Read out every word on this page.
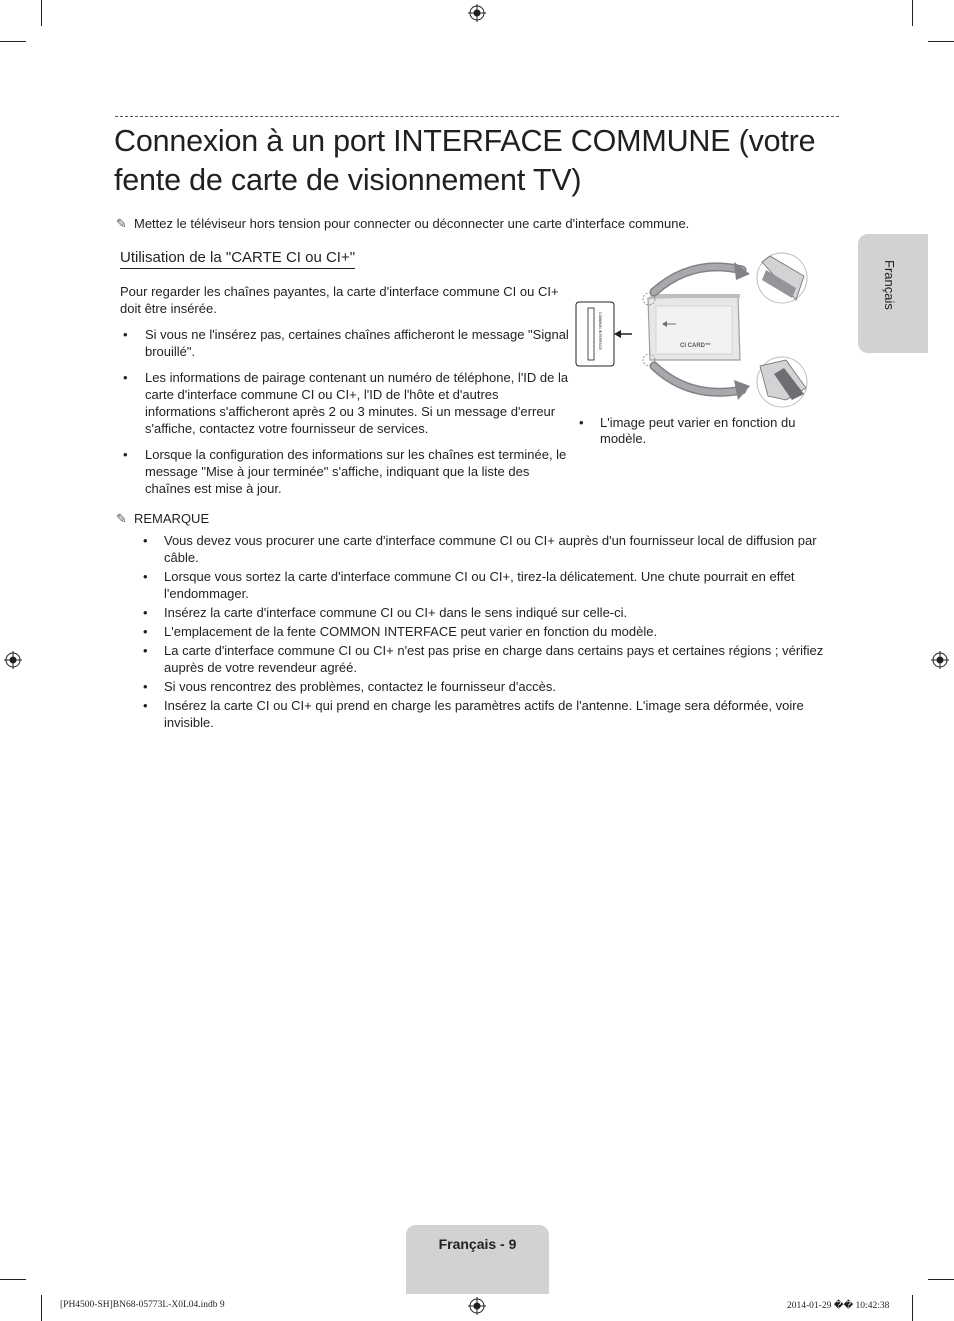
Connexion à un port INTERFACE COMMUNE (votre fente de carte de visionnement TV)
✎ Mettez le téléviseur hors tension pour connecter ou déconnecter une carte d'interface commune.
Utilisation de la "CARTE CI ou CI+"

Pour regarder les chaînes payantes, la carte d'interface commune CI ou CI+ doit être insérée.

• Si vous ne l'insérez pas, certaines chaînes afficheront le message "Signal brouillé".
• Les informations de pairage contenant un numéro de téléphone, l'ID de la carte d'interface commune CI ou CI+, l'ID de l'hôte et d'autres informations s'afficheront après 2 ou 3 minutes. Si un message d'erreur s'affiche, contactez votre fournisseur de services.
• Lorsque la configuration des informations sur les chaînes est terminée, le message "Mise à jour terminée" s'affiche, indiquant que la liste des chaînes est mise à jour.
COMMON INTERFACE	CI CARD™
• L'image peut varier en fonction du modèle.
✎ REMARQUE
• Vous devez vous procurer une carte d'interface commune CI ou CI+ auprès d'un fournisseur local de diffusion par câble.
• Lorsque vous sortez la carte d'interface commune CI ou CI+, tirez-la délicatement. Une chute pourrait en effet l'endommager.
• Insérez la carte d'interface commune CI ou CI+ dans le sens indiqué sur celle-ci.
• L'emplacement de la fente COMMON INTERFACE peut varier en fonction du modèle.
• La carte d'interface commune CI ou CI+ n'est pas prise en charge dans certains pays et certaines régions ; vérifiez auprès de votre revendeur agréé.
• Si vous rencontrez des problèmes, contactez le fournisseur d'accès.
• Insérez la carte CI ou CI+ qui prend en charge les paramètres actifs de l'antenne. L'image sera déformée, voire invisible.
Français
Français - 9
[PH4500-SH]BN68-05773L-X0L04.indb 9	2014-01-29 �� 10:42:38
